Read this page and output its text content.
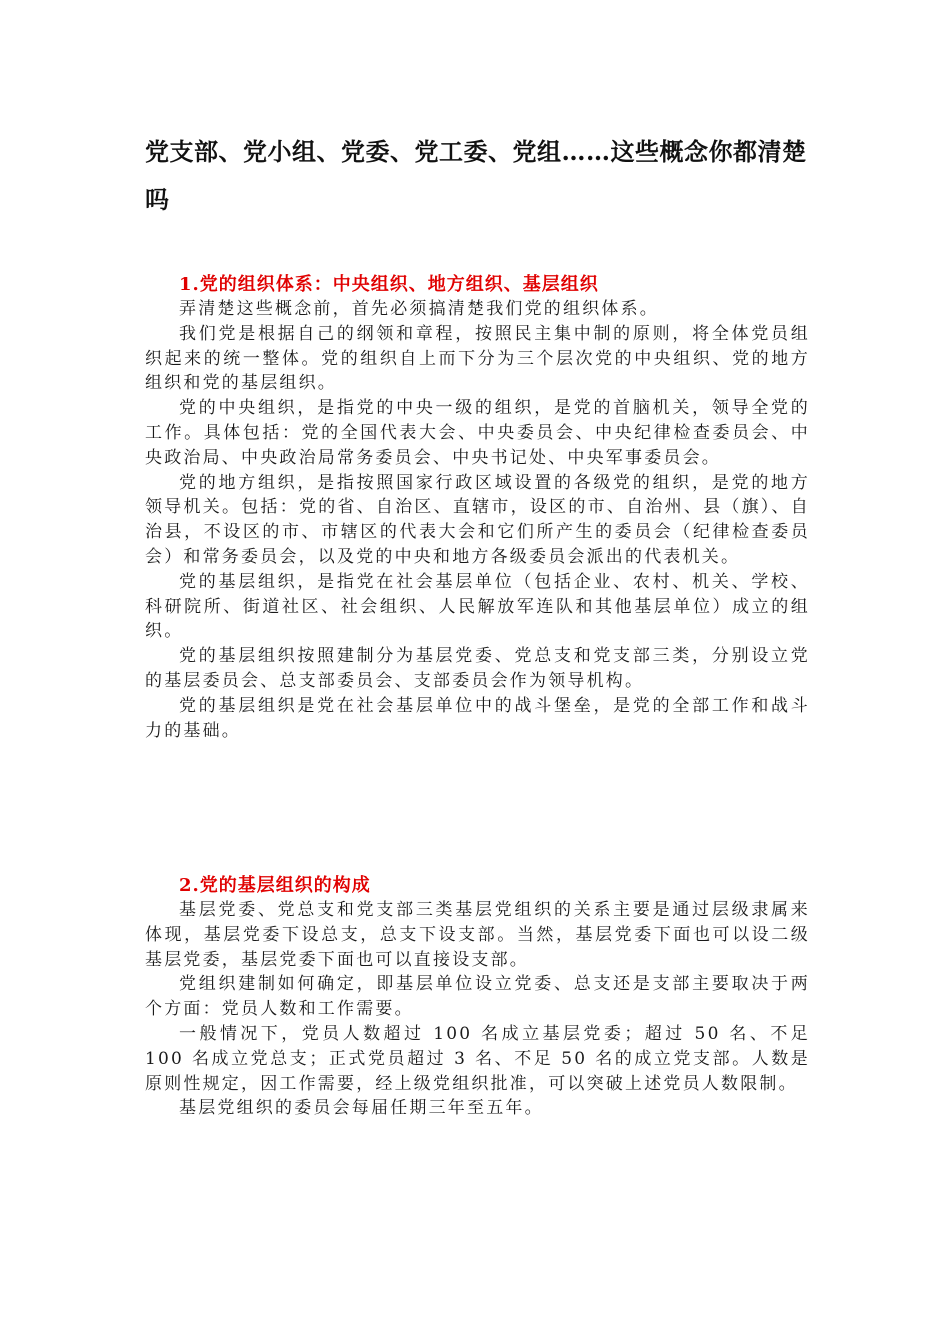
党支部、党小组、党委、党工委、党组……这些概念你都清楚吗
1.党的组织体系：中央组织、地方组织、基层组织

弄清楚这些概念前，首先必须搞清楚我们党的组织体系。

我们党是根据自己的纲领和章程，按照民主集中制的原则，将全体党员组织起来的统一整体。党的组织自上而下分为三个层次党的中央组织、党的地方组织和党的基层组织。

党的中央组织，是指党的中央一级的组织，是党的首脑机关，领导全党的工作。具体包括：党的全国代表大会、中央委员会、中央纪律检查委员会、中央政治局、中央政治局常务委员会、中央书记处、中央军事委员会。

党的地方组织，是指按照国家行政区域设置的各级党的组织，是党的地方领导机关。包括：党的省、自治区、直辖市，设区的市、自治州、县（旗）、自治县，不设区的市、市辖区的代表大会和它们所产生的委员会（纪律检查委员会）和常务委员会，以及党的中央和地方各级委员会派出的代表机关。

党的基层组织，是指党在社会基层单位（包括企业、农村、机关、学校、科研院所、街道社区、社会组织、人民解放军连队和其他基层单位）成立的组织。

党的基层组织按照建制分为基层党委、党总支和党支部三类，分别设立党的基层委员会、总支部委员会、支部委员会作为领导机构。

党的基层组织是党在社会基层单位中的战斗堡垒，是党的全部工作和战斗力的基础。

2.党的基层组织的构成

基层党委、党总支和党支部三类基层党组织的关系主要是通过层级隶属来体现，基层党委下设总支，总支下设支部。当然，基层党委下面也可以设二级基层党委，基层党委下面也可以直接设支部。

党组织建制如何确定，即基层单位设立党委、总支还是支部主要取决于两个方面：党员人数和工作需要。

一般情况下，党员人数超过 100 名成立基层党委；超过 50 名、不足 100 名成立党总支；正式党员超过 3 名、不足 50 名的成立党支部。人数是原则性规定，因工作需要，经上级党组织批准，可以突破上述党员人数限制。

基层党组织的委员会每届任期三年至五年。
